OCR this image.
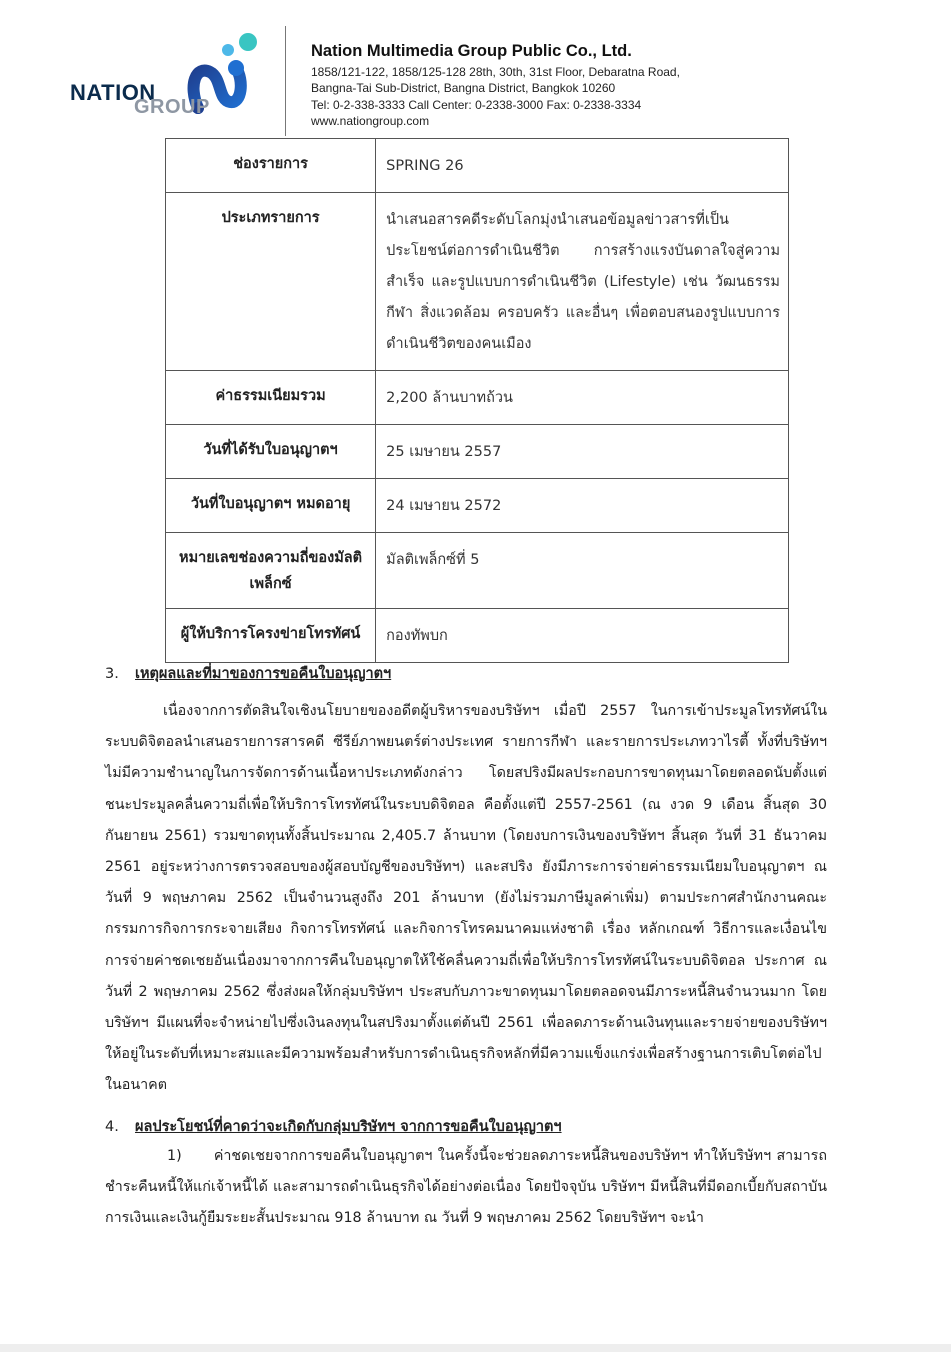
NATION
GROUP
Nation Multimedia Group Public Co., Ltd.
1858/121-122, 1858/125-128 28th, 30th, 31st Floor, Debaratna Road,
Bangna-Tai Sub-District, Bangna District, Bangkok 10260
Tel: 0-2-338-3333 Call Center: 0-2338-3000 Fax: 0-2338-3334
www.nationgroup.com
ช่องรายการ	SPRING 26
ประเภทรายการ	นำเสนอสารคดีระดับโลกมุ่งนำเสนอข้อมูลข่าวสารที่เป็นประโยชน์ต่อการดำเนินชีวิต การสร้างแรงบันดาลใจสู่ความสำเร็จ และรูปแบบการดำเนินชีวิต (Lifestyle) เช่น วัฒนธรรม กีฬา สิ่งแวดล้อม ครอบครัว และอื่นๆ เพื่อตอบสนองรูปแบบการดำเนินชีวิตของคนเมือง
ค่าธรรมเนียมรวม	2,200 ล้านบาทถ้วน
วันที่ได้รับใบอนุญาตฯ	25 เมษายน 2557
วันที่ใบอนุญาตฯ หมดอายุ	24 เมษายน 2572
หมายเลขช่องความถี่ของมัลติเพล็กซ์	มัลติเพล็กซ์ที่ 5
ผู้ให้บริการโครงข่ายโทรทัศน์	กองทัพบก
3. เหตุผลและที่มาของการขอคืนใบอนุญาตฯ
เนื่องจากการตัดสินใจเชิงนโยบายของอดีตผู้บริหารของบริษัทฯ เมื่อปี 2557 ในการเข้าประมูลโทรทัศน์ในระบบดิจิตอลนำเสนอรายการสารคดี ซีรีย์ภาพยนตร์ต่างประเทศ รายการกีฬา และรายการประเภทวาไรตี้ ทั้งที่บริษัทฯ ไม่มีความชำนาญในการจัดการด้านเนื้อหาประเภทดังกล่าว โดยสปริงมีผลประกอบการขาดทุนมาโดยตลอดนับตั้งแต่ชนะประมูลคลื่นความถี่เพื่อให้บริการโทรทัศน์ในระบบดิจิตอล คือตั้งแต่ปี 2557-2561 (ณ งวด 9 เดือน สิ้นสุด 30 กันยายน 2561) รวมขาดทุนทั้งสิ้นประมาณ 2,405.7 ล้านบาท (โดยงบการเงินของบริษัทฯ สิ้นสุด วันที่ 31 ธันวาคม 2561 อยู่ระหว่างการตรวจสอบของผู้สอบบัญชีของบริษัทฯ) และสปริง ยังมีภาระการจ่ายค่าธรรมเนียมใบอนุญาตฯ ณ วันที่ 9 พฤษภาคม 2562 เป็นจำนวนสูงถึง 201 ล้านบาท (ยังไม่รวมภาษีมูลค่าเพิ่ม) ตามประกาศสำนักงานคณะกรรมการกิจการกระจายเสียง กิจการโทรทัศน์ และกิจการโทรคมนาคมแห่งชาติ เรื่อง หลักเกณฑ์ วิธีการและเงื่อนไขการจ่ายค่าชดเชยอันเนื่องมาจากการคืนใบอนุญาตให้ใช้คลื่นความถี่เพื่อให้บริการโทรทัศน์ในระบบดิจิตอล ประกาศ ณ วันที่ 2 พฤษภาคม 2562 ซึ่งส่งผลให้กลุ่มบริษัทฯ ประสบกับภาวะขาดทุนมาโดยตลอดจนมีภาระหนี้สินจำนวนมาก โดยบริษัทฯ มีแผนที่จะจำหน่ายไปซึ่งเงินลงทุนในสปริงมาตั้งแต่ต้นปี 2561 เพื่อลดภาระด้านเงินทุนและรายจ่ายของบริษัทฯ ให้อยู่ในระดับที่เหมาะสมและมีความพร้อมสำหรับการดำเนินธุรกิจหลักที่มีความแข็งแกร่งเพื่อสร้างฐานการเติบโตต่อไปในอนาคต
4. ผลประโยชน์ที่คาดว่าจะเกิดกับกลุ่มบริษัทฯ จากการขอคืนใบอนุญาตฯ
1)      ค่าชดเชยจากการขอคืนใบอนุญาตฯ ในครั้งนี้จะช่วยลดภาระหนี้สินของบริษัทฯ ทำให้บริษัทฯ สามารถชำระคืนหนี้ให้แก่เจ้าหนี้ได้ และสามารถดำเนินธุรกิจได้อย่างต่อเนื่อง โดยปัจจุบัน บริษัทฯ มีหนี้สินที่มีดอกเบี้ยกับสถาบันการเงินและเงินกู้ยืมระยะสั้นประมาณ 918 ล้านบาท ณ วันที่ 9 พฤษภาคม 2562 โดยบริษัทฯ จะนำ
